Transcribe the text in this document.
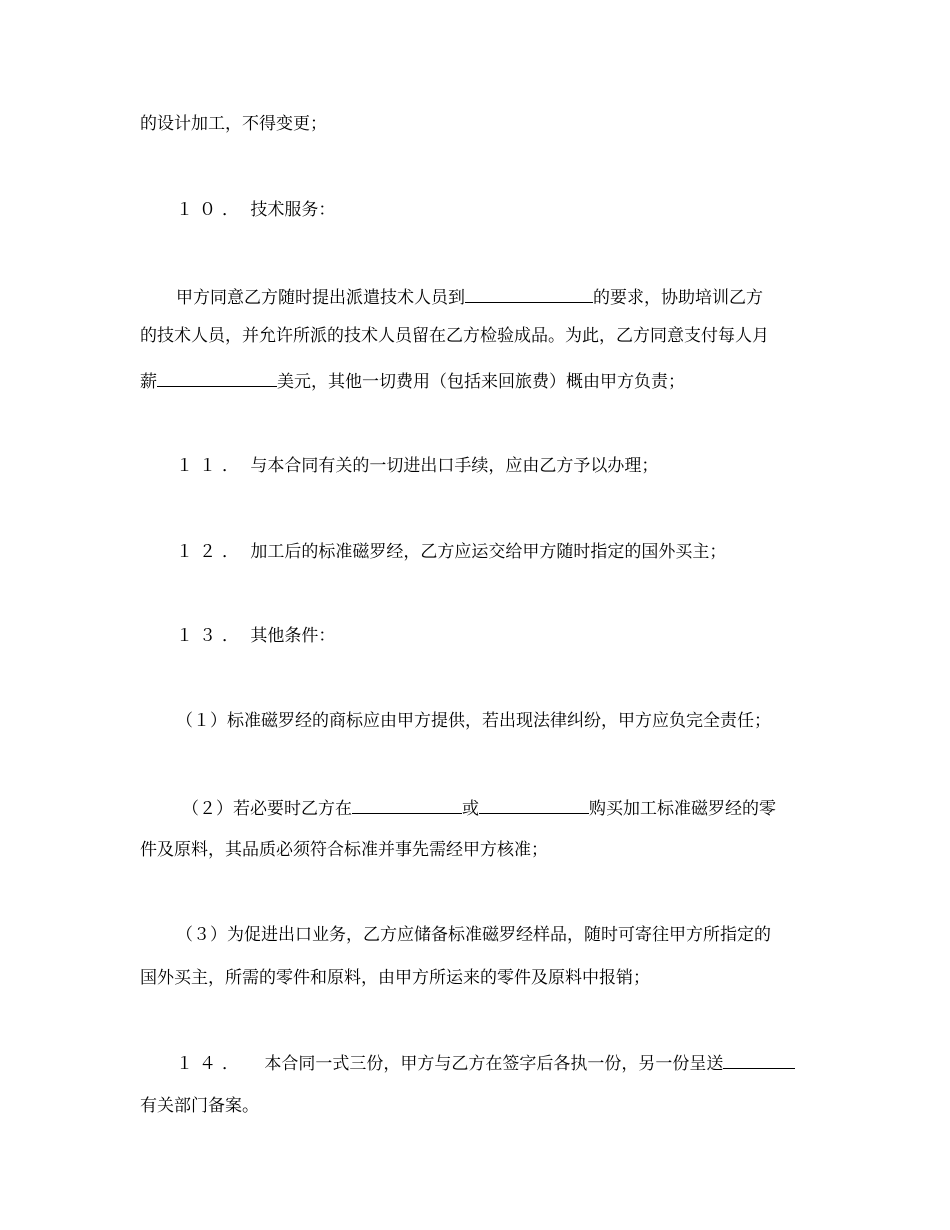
的设计加工，不得变更；
１０． 技术服务：
甲方同意乙方随时提出派遣技术人员到	的要求，协助培训乙方
的技术人员，并允许所派的技术人员留在乙方检验成品。为此，乙方同意支付每人月
薪	美元，其他一切费用（包括来回旅费）概由甲方负责；
１１． 与本合同有关的一切进出口手续，应由乙方予以办理；
１２． 加工后的标准磁罗经，乙方应运交给甲方随时指定的国外买主；
１３． 其他条件：
（１）标准磁罗经的商标应由甲方提供，若出现法律纠纷，甲方应负完全责任；
（２）若必要时乙方在	或	购买加工标准磁罗经的零
件及原料，其品质必须符合标准并事先需经甲方核准；
（３）为促进出口业务，乙方应储备标准磁罗经样品，随时可寄往甲方所指定的
国外买主，所需的零件和原料，由甲方所运来的零件及原料中报销；
１４． 本合同一式三份，甲方与乙方在签字后各执一份，另一份呈送
有关部门备案。
